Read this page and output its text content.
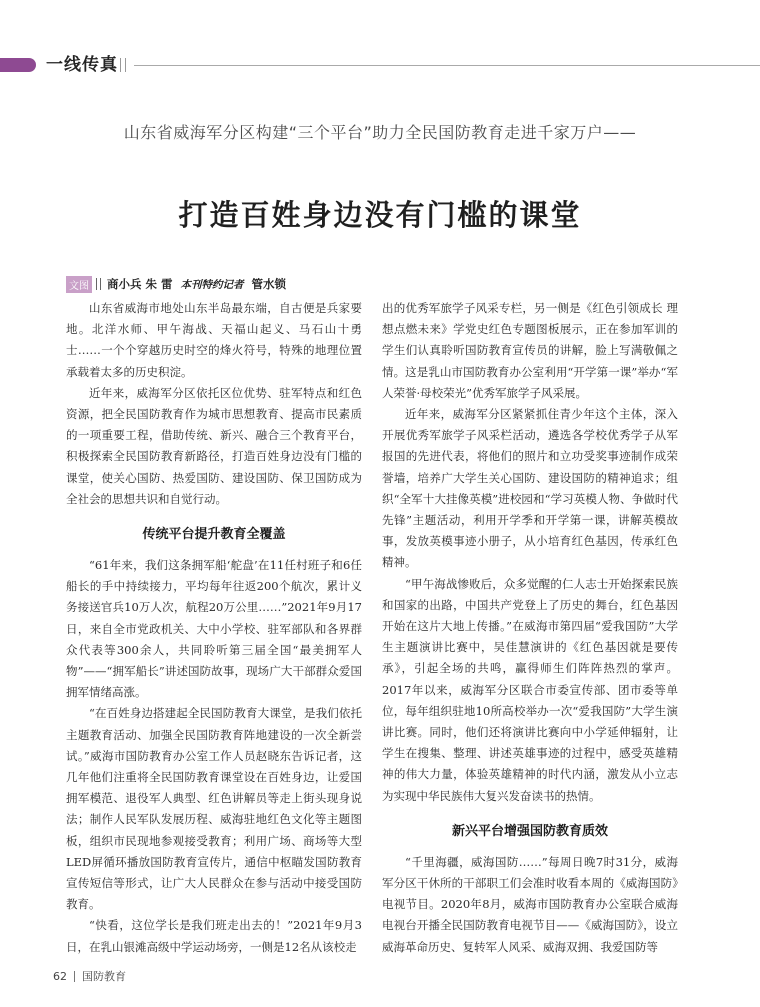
一线传真
山东省威海军分区构建“三个平台”助力全民国防教育走进千家万户——
打造百姓身边没有门槛的课堂
文图 商小兵 朱 雷 本刊特约记者 管水锁

山东省威海市地处山东半岛最东端，自古便是兵家要地。北洋水师、甲午海战、天福山起义、马石山十勇士……一个个穿越历史时空的烽火符号，特殊的地理位置承载着太多的历史积淀。

近年来，威海军分区依托区位优势、驻军特点和红色资源，把全民国防教育作为城市思想教育、提高市民素质的一项重要工程，借助传统、新兴、融合三个教育平台，积极探索全民国防教育新路径，打造百姓身边没有门槛的课堂，使关心国防、热爱国防、建设国防、保卫国防成为全社会的思想共识和自觉行动。

传统平台提升教育全覆盖

“61年来，我们这条拥军船‘舵盘’在11任村班子和6任船长的手中持续接力，平均每年往返200个航次，累计义务接送官兵10万人次，航程20万公里……”2021年9月17日，来自全市党政机关、大中小学校、驻军部队和各界群众代表等300余人，共同聆听第三届全国“最美拥军人物”——“拥军船长”讲述国防故事，现场广大干部群众爱国拥军情绪高涨。

“在百姓身边搭建起全民国防教育大课堂，是我们依托主题教育活动、加强全民国防教育阵地建设的一次全新尝试。”威海市国防教育办公室工作人员赵晓东告诉记者，这几年他们注重将全民国防教育课堂设在百姓身边，让爱国拥军模范、退役军人典型、红色讲解员等走上街头现身说法；制作人民军队发展历程、威海驻地红色文化等主题图板，组织市民现地参观接受教育；利用广场、商场等大型LED屏循环播放国防教育宣传片，通信中枢瞄发国防教育宣传短信等形式，让广大人民群众在参与活动中接受国防教育。

“快看，这位学长是我们班走出去的！”2021年9月3日，在乳山银滩高级中学运动场旁，一侧是12名从该校走

出的优秀军旅学子风采专栏，另一侧是《红色引领成长 理想点燃未来》学党史红色专题图板展示，正在参加军训的学生们认真聆听国防教育宣传员的讲解，脸上写满敬佩之情。这是乳山市国防教育办公室利用“开学第一课”举办“军人荣誉·母校荣光”优秀军旅学子风采展。

近年来，威海军分区紧紧抓住青少年这个主体，深入开展优秀军旅学子风采栏活动，遴选各学校优秀学子从军报国的先进代表，将他们的照片和立功受奖事迹制作成荣誉墙，培养广大学生关心国防、建设国防的精神追求；组织“全军十大挂像英模”进校园和“学习英模人物、争做时代先锋”主题活动，利用开学季和开学第一课，讲解英模故事，发放英模事迹小册子，从小培育红色基因，传承红色精神。

“甲午海战惨败后，众多觉醒的仁人志士开始探索民族和国家的出路，中国共产党登上了历史的舞台，红色基因开始在这片大地上传播。”在威海市第四届“爱我国防”大学生主题演讲比赛中，吴佳慧演讲的《红色基因就是要传承》，引起全场的共鸣，赢得师生们阵阵热烈的掌声。2017年以来，威海军分区联合市委宣传部、团市委等单位，每年组织驻地10所高校举办一次“爱我国防”大学生演讲比赛。同时，他们还将演讲比赛向中小学延伸辐射，让学生在搜集、整理、讲述英雄事迹的过程中，感受英雄精神的伟大力量，体验英雄精神的时代内涵，激发从小立志为实现中华民族伟大复兴发奋读书的热情。

新兴平台增强国防教育质效

“千里海疆，威海国防……”每周日晚7时31分，威海军分区干休所的干部职工们会准时收看本周的《威海国防》电视节目。2020年8月，威海市国防教育办公室联合威海电视台开播全民国防教育电视节目——《威海国防》，设立威海革命历史、复转军人风采、威海双拥、我爱国防等

62 国防教育
